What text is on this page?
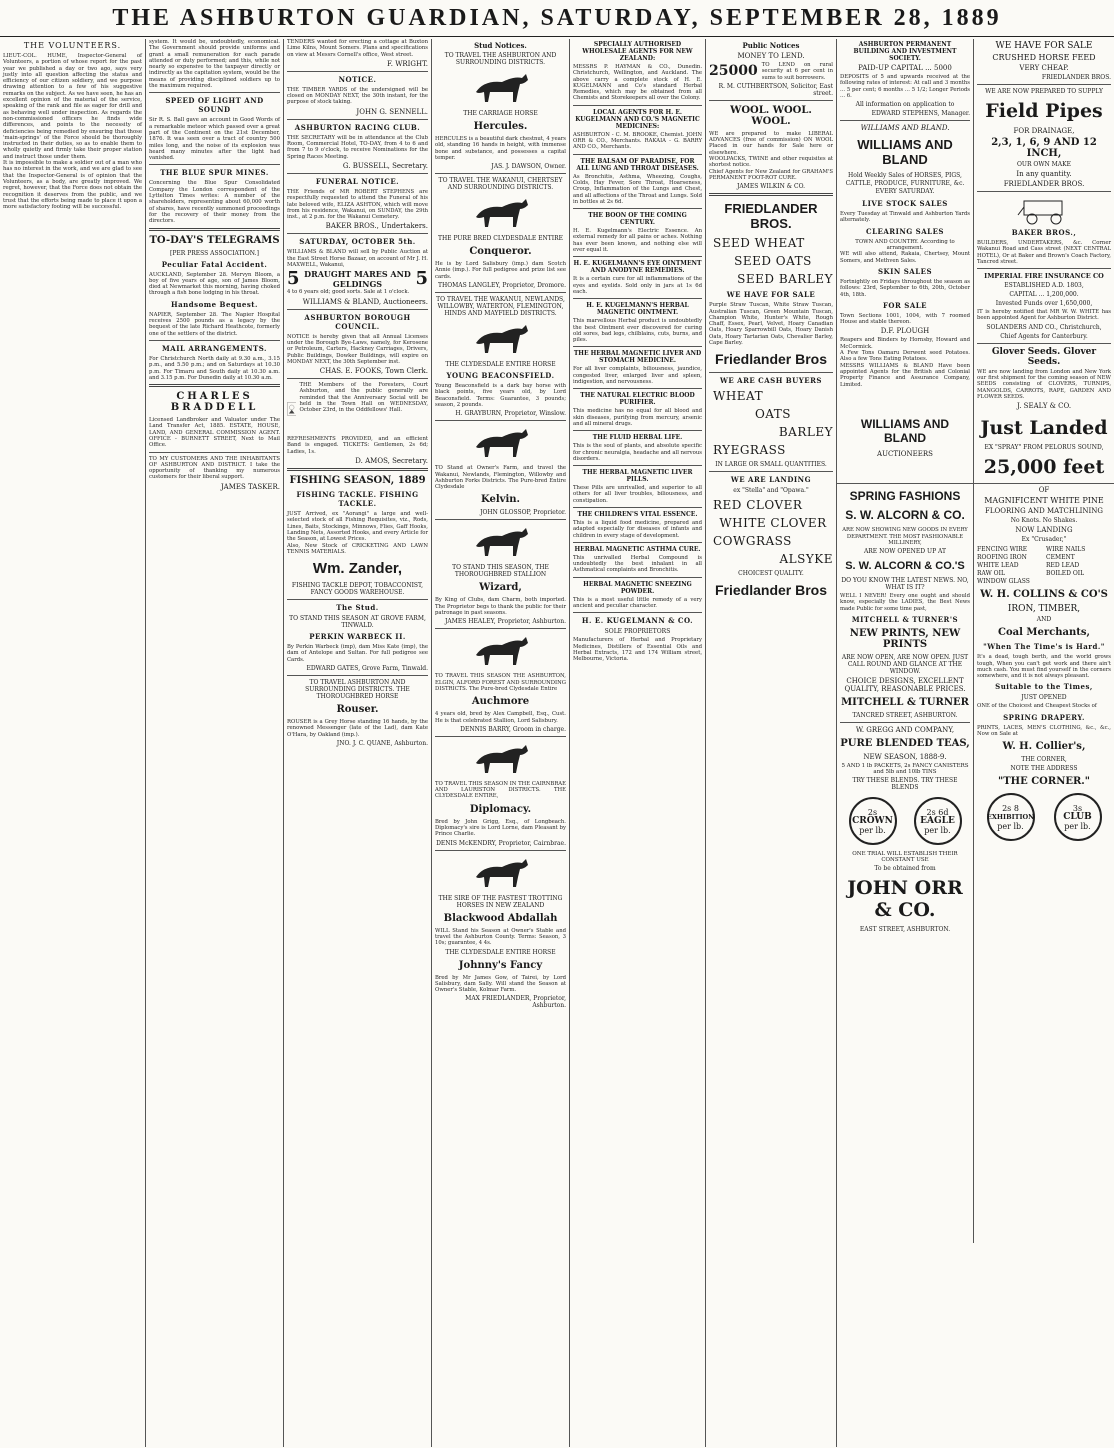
THE ASHBURTON GUARDIAN, SATURDAY, SEPTEMBER 28, 1889
THE VOLUNTEERS.

LIEUT.-COL. HUME, Inspector-General of Volunteers, a portion of whose report for the past year we published a day or two ago, says very justly into all question affecting the status and efficiency of our citizen soldiery, and we purpose drawing attention to a few of his suggestive remarks on the subject. As we have seen, he has an excellent opinion of the material of the service, speaking of the rank and file as eager for drill and as behaving well under inspection. As regards the non-commissioned officers he finds wide differences, and points to the necessity of deficiencies being remedied by ensuring that those 'main-springs' of the Force should be thoroughly instructed in their duties, so as to enable them to wholly quietly and firmly take their proper station and instruct those under them.

It is impossible to make a soldier out of a man who has no interest in the work, and we are glad to see that the Inspector-General is of opinion that the Volunteers, as a body, are greatly improved. We regret, however, that the Force does not obtain the recognition it deserves from the public, and we trust that the efforts being made to place it upon a more satisfactory footing will be successful.

system. It would be, undoubtedly, economical. The Government should provide uniforms and grant a small remuneration for each parade attended or duty performed; and this, while not nearly so expensive to the taxpayer directly or indirectly as the capitation system, would be the means of providing disciplined soldiers up to the maximum required.

SPEED OF LIGHT AND SOUND

Sir R. S. Ball gave an account in Good Words of a remarkable meteor which passed over a great part of the Continent on the 21st December, 1876. It was seen over a tract of country 500 miles long, and the noise of its explosion was heard many minutes after the light had vanished.

THE BLUE SPUR MINES.

Concerning the Blue Spur Consolidated Company the London correspondent of the Lyttelton Times writes: A number of the shareholders, representing about 60,000 worth of shares, have recently summoned proceedings for the recovery of their money from the directors.

TO-DAY'S TELEGRAMS
[PER PRESS ASSOCIATION.]
Peculiar Fatal Accident.

AUCKLAND, September 28. Mervyn Bloom, a boy of five years of age, son of James Bloom, died at Newmarket this morning, having choked through a fish bone lodging in his throat.

Handsome Bequest.

NAPIER, September 28. The Napier Hospital receives 2500 pounds as a legacy by the bequest of the late Richard Heathcote, formerly one of the settlers of the district.

MAIL ARRANGEMENTS.

For Christchurch North daily at 9.30 a.m., 3.15 p.m., and 5.50 p.m.; and on Saturdays at 10.30 p.m. For Timaru and South daily at 10.30 a.m. and 3.15 p.m. For Dunedin daily at 10.30 a.m.

CHARLES BRADDELL

Licensed Landbroker and Valuator under The Land Transfer Act, 1885. ESTATE, HOUSE, LAND, AND GENERAL COMMISSION AGENT. OFFICE - BURNETT STREET, Next to Mail Office.

TO MY CUSTOMERS AND THE INHABITANTS OF ASHBURTON AND DISTRICT. I take the opportunity of thanking my numerous customers for their liberal support.

JAMES TASKER.

TENDERS wanted for erecting a cottage at Buxton Lime Kilns, Mount Somers. Plans and specifications on view at Messrs Cornell's office, West street.

F. WRIGHT.
NOTICE.

THE TIMBER YARDS of the undersigned will be closed on MONDAY NEXT, the 30th instant, for the purpose of stock taking.

JOHN G. SENNELL.
ASHBURTON RACING CLUB.

THE SECRETARY will be in attendance at the Club Room, Commercial Hotel, TO-DAY, from 4 to 6 and from 7 to 9 o'clock, to receive Nominations for the Spring Races Meeting.

G. BUSSELL, Secretary.
FUNERAL NOTICE.

THE Friends of MR ROBERT STEPHENS are respectfully requested to attend the Funeral of his late beloved wife, ELIZA ASHTON, which will move from his residence, Wakanui, on SUNDAY, the 29th inst., at 2 p.m. for the Wakanui Cemetery.

BAKER BROS., Undertakers.
SATURDAY, OCTOBER 5th.

WILLIAMS & BLAND will sell by Public Auction at the East Street Horse Bazaar, on account of Mr J. H. MAXWELL, Wakanui,

5 DRAUGHT MARES AND GELDINGS	5

4 to 6 years old; good sorts. Sale at 1 o'clock.

WILLIAMS & BLAND, Auctioneers.
ASHBURTON BOROUGH COUNCIL.

NOTICE is hereby given that all Annual Licenses under the Borough Bye-Laws, namely, for Kerosene or Petroleum, Carters, Hackney Carriages, Drivers, Public Buildings, Dowker Buildings, will expire on MONDAY NEXT, the 30th September inst.

CHAS. E. FOOKS, Town Clerk.

THE Members of the Foresters, Court Ashburton, and the public generally are reminded that the Anniversary Social will be held in the Town Hall on WEDNESDAY, October 23rd, in the Oddfellows' Hall.

REFRESHMENTS PROVIDED, and an efficient Band is engaged. TICKETS: Gentlemen, 2s 6d; Ladies, 1s.

D. AMOS, Secretary.
FISHING SEASON, 1889
FISHING TACKLE. FISHING TACKLE.

JUST Arrived, ex "Aorangi" a large and well-selected stock of all Fishing Requisites, viz., Rods, Lines, Baits, Stockings, Minnows, Flies, Gaff Hooks, Landing Nets, Assorted Hooks, and every Article for the Season, at Lowest Prices.

Also, New Stock of CRICKETING AND LAWN TENNIS MATERIALS.

Wm. Zander,
FISHING TACKLE DEPOT, TOBACCONIST, FANCY GOODS WAREHOUSE.
The Stud.
TO STAND THIS SEASON AT GROVE FARM, TINWALD.
PERKIN WARBECK II.

By Perkin Warbeck (imp), dam Miss Kate (imp), the dam of Antelope and Sultan. For full pedigree see Cards.

EDWARD GATES, Grove Farm, Tinwald.
TO TRAVEL ASHBURTON AND SURROUNDING DISTRICTS. THE THOROUGHBRED HORSE
Rouser.

ROUSER is a Grey Horse standing 16 hands, by the renowned Messenger (late of the Lad), dam Kate O'Hara, by Oakland (imp.).

JNO. J. C. QUANE, Ashburton.
Stud Notices.
TO TRAVEL THE ASHBURTON AND SURROUNDING DISTRICTS.
THE CARRIAGE HORSE
Hercules.

HERCULES is a beautiful dark chestnut, 4 years old, standing 16 hands in height, with immense bone and substance, and possesses a capital temper.

JAS. J. DAWSON, Owner.
TO TRAVEL THE WAKANUI, CHERTSEY AND SURROUNDING DISTRICTS.
THE PURE BRED CLYDESDALE ENTIRE
Conqueror.

He is by Lord Salisbury (imp.) dam Scotch Annie (imp.). For full pedigree and prize list see cards.

THOMAS LANGLEY, Proprietor, Dromore.
TO TRAVEL THE WAKANUI, NEWLANDS, WILLOWBY, WATERTON, FLEMINGTON, HINDS AND MAYFIELD DISTRICTS.
THE CLYDESDALE ENTIRE HORSE
YOUNG BEACONSFIELD.

Young Beaconsfield is a dark bay horse with black points, five years old, by Lord Beaconsfield. Terms: Guarantee, 3 pounds; season, 2 pounds.

H. GRAYBURN, Proprietor, Winslow.

TO Stand at Owner's Farm, and travel the Wakanui, Newlands, Flemington, Willowby and Ashburton Forks Districts. The Pure-bred Entire Clydesdale

Kelvin.
JOHN GLOSSOP, Proprietor.
TO STAND THIS SEASON, THE THOROUGHBRED STALLION
Wizard,

By King of Clubs, dam Charm, both imported. The Proprietor begs to thank the public for their patronage in past seasons.

JAMES HEALEY, Proprietor, Ashburton.

TO TRAVEL THIS SEASON THE ASHBURTON, ELGIN, ALFORD FOREST AND SURROUNDING DISTRICTS. The Pure-bred Clydesdale Entire

Auchmore

4 years old, bred by Alex Campbell, Esq., Cust. He is that celebrated Stallion, Lord Salisbury.

DENNIS BARRY, Groom in charge.

TO TRAVEL THIS SEASON IN THE CAIRNBRAE AND LAURISTON DISTRICTS. THE CLYDESDALE ENTIRE,

Diplomacy.

Bred by John Grigg, Esq., of Longbeach. Diplomacy's sire is Lord Lorne, dam Pleasant by Prince Charlie.

DENIS McKENDRY, Proprietor, Cairnbrae.
THE SIRE OF THE FASTEST TROTTING HORSES IN NEW ZEALAND
Blackwood Abdallah

WILL Stand his Season at Owner's Stable and travel the Ashburton County. Terms: Season, 3 10s; guarantee, 4 4s.

THE CLYDESDALE ENTIRE HORSE
Johnny's Fancy

Bred by Mr James Gow, of Tairei, by Lord Salisbury, dam Sally. Will stand the Season at Owner's Stable, Kolmar Farm.

MAX FRIEDLANDER, Proprietor, Ashburton.
SPECIALLY AUTHORISED WHOLESALE AGENTS FOR NEW ZEALAND:

MESSRS P. HAYMAN & CO., Dunedin. Christchurch, Wellington, and Auckland. The above carry a complete stock of H. E. KUGELMANN and Co's standard Herbal Remedies, which may be obtained from all Chemists and Storekeepers all over the Colony.

LOCAL AGENTS FOR H. E. KUGELMANN AND CO.'S MAGNETIC MEDICINES:

ASHBURTON - C. M. BROOKE, Chemist. JOHN ORR & CO., Merchants. RAKAIA - G. BARRY AND CO., Merchants.

THE BALSAM OF PARADISE, FOR ALL LUNG AND THROAT DISEASES.

As Bronchitis, Asthma, Wheezing, Coughs, Colds, Hay Fever, Sore Throat, Hoarseness, Croup, Inflammation of the Lungs and Chest, and all affections of the Throat and Lungs. Sold in bottles at 2s 6d.

THE BOON OF THE COMING CENTURY.

H. E. Kugelmann's Electric Essence. An external remedy for all pains or aches. Nothing has ever been known, and nothing else will ever equal it.

H. E. KUGELMANN'S EYE OINTMENT AND ANODYNE REMEDIES.

It is a certain cure for all inflammations of the eyes and eyelids. Sold only in jars at 1s 6d each.

H. E. KUGELMANN'S HERBAL MAGNETIC OINTMENT.

This marvellous Herbal product is undoubtedly the best Ointment ever discovered for curing old sores, bad legs, chilblains, cuts, burns, and piles.

THE HERBAL MAGNETIC LIVER AND STOMACH MEDICINE.

For all liver complaints, biliousness, jaundice, congested liver, enlarged liver and spleen, indigestion, and nervousness.

THE NATURAL ELECTRIC BLOOD PURIFIER.

This medicine has no equal for all blood and skin diseases, purifying from mercury, arsenic and all mineral drugs.

THE FLUID HERBAL LIFE.

This is the soul of plants, and absolute specific for chronic neuralgia, headache and all nervous disorders.

THE HERBAL MAGNETIC LIVER PILLS.

These Pills are unrivalled, and superior to all others for all liver troubles, biliousness, and constipation.

THE CHILDREN'S VITAL ESSENCE.

This is a liquid food medicine, prepared and adapted especially for diseases of infants and children in every stage of development.

HERBAL MAGNETIC ASTHMA CURE.

This unrivalled Herbal Compound is undoubtedly the best inhalant in all Asthmatical complaints and Bronchitis.

HERBAL MAGNETIC SNEEZING POWDER.

This is a most useful little remedy of a very ancient and peculiar character.

H. E. KUGELMANN & CO.
SOLE PROPRIETORS

Manufacturers of Herbal and Proprietary Medicines, Distillers of Essential Oils and Herbal Extracts, 172 and 174 William street, Melbourne, Victoria.

Public Notices
MONEY TO LEND.
25000 TO LEND on rural security at 6 per cent in sums to suit borrowers.

R. M. CUTHBERTSON, Solicitor, East street.
WOOL. WOOL. WOOL.

WE are prepared to make LIBERAL ADVANCES (free of commission) ON WOOL Placed in our hands for Sale here or elsewhere.

WOOLPACKS, TWINE and other requisites at shortest notice.

Chief Agents for New Zealand for GRAHAM'S PERMANENT FOOT-ROT CURE.

JAMES WILKIN & CO.
FRIEDLANDER BROS.
SEED WHEAT
SEED OATS
SEED BARLEY
WE HAVE FOR SALE

Purple Straw Tuscan, White Straw Tuscan, Australian Tuscan, Green Mountain Tuscan, Champion White, Hunter's White, Rough Chaff, Essex, Pearl, Velvet, Hoary Canadian Oats, Hoary Sparrowbill Oats, Hoary Danish Oats, Hoary Tartarian Oats, Chevalier Barley, Cape Barley.

Friedlander Bros
WE ARE CASH BUYERS
WHEAT
OATS
BARLEY
RYEGRASS
IN LARGE OR SMALL QUANTITIES.
WE ARE LANDING
ex "Stella" and "Opawa."
RED CLOVER
WHITE CLOVER
COWGRASS
ALSYKE
CHOICEST QUALITY.
Friedlander Bros
ASHBURTON PERMANENT BUILDING AND INVESTMENT SOCIETY.
PAID-UP CAPITAL ... 5000

DEPOSITS of 5 and upwards received at the following rates of interest: At call and 3 months ... 5 per cent; 6 months ... 5 1/2; Longer Periods ... 6.

All information on application to
EDWARD STEPHENS, Manager.
WILLIAMS AND BLAND.
WILLIAMS AND BLAND

Hold Weekly Sales of HORSES, PIGS, CATTLE, PRODUCE, FURNITURE, &c. EVERY SATURDAY.

LIVE STOCK SALES

Every Tuesday at Tinwald and Ashburton Yards alternately.

CLEARING SALES

TOWN AND COUNTRY. According to arrangement.

WE will also attend, Rakaia, Chertsey, Mount Somers, and Methven Sales.

SKIN SALES

Fortnightly on Fridays throughout the season as follows: 23rd, September to 6th, 20th, October 4th, 18th.

FOR SALE

Town Sections 1001, 1004, with 7 roomed House and stable thereon.

D.F. PLOUGH

Reapers and Binders by Hornsby, Howard and McCormick.

A Few Tons Oamaru Derwent seed Potatoes. Also a few Tons Eating Potatoes.

MESSRS WILLIAMS & BLAND Have been appointed Agents for the British and Colonial Property Finance and Assurance Company, Limited.

WE HAVE FOR SALE
CRUSHED HORSE FEED
VERY CHEAP.
FRIEDLANDER BROS.
WE ARE NOW PREPARED TO SUPPLY
Field Pipes
FOR DRAINAGE,
2,3, 1, 6, 9 AND 12 INCH,
OUR OWN MAKE
In any quantity.
FRIEDLANDER BROS.
BAKER BROS.,

BUILDERS, UNDERTAKERS, &c. Corner Wakanui Road and Cass street (NEXT CENTRAL HOTEL), Or at Baker and Brown's Coach Factory, Tancred street.

IMPERIAL FIRE INSURANCE CO
ESTABLISHED A.D. 1803,
CAPITAL ... 1,200,000.
Invested Funds over 1,650,000,

IT is hereby notified that MR W. W. WHITE has been appointed Agent for Ashburton District.

SOLANDERS AND CO., Christchurch,
Chief Agents for Canterbury.
Glover Seeds. Glover Seeds.

WE are now landing from London and New York our first shipment for the coming season of NEW SEEDS consisting of CLOVERS, TURNIPS, MANGOLDS, CARROTS, RAPE, GARDEN AND FLOWER SEEDS.

J. SEALY & CO.
WILLIAMS AND BLAND
AUCTIONEERS
Just Landed
EX "SPRAY" FROM PELORUS SOUND,
25,000 feet
SPRING FASHIONS
S. W. ALCORN & CO.

ARE NOW SHOWING NEW GOODS IN EVERY DEPARTMENT. THE MOST FASHIONABLE MILLINERY,

ARE NOW OPENED UP AT
S. W. ALCORN & CO.'S
DO YOU KNOW THE LATEST NEWS. NO, WHAT IS IT?

WELL I NEVER! Every one ought and should know, especially the LADIES, the Best News made Public for some time past,

MITCHELL & TURNER'S
NEW PRINTS, NEW PRINTS
ARE NOW OPEN, ARE NOW OPEN. JUST CALL ROUND AND GLANCE AT THE WINDOW.
CHOICE DESIGNS, EXCELLENT QUALITY, REASONABLE PRICES.
MITCHELL & TURNER
TANCRED STREET, ASHBURTON.
W. GREGG AND COMPANY,
PURE BLENDED TEAS,
NEW SEASON, 1888-9.
5 AND 1 lb PACKETS, 2s FANCY CANISTERS and 5lb and 10lb TINS
TRY THESE BLENDS. TRY THESE BLENDS
2s
CROWN
per lb.
2s 6d
EAGLE
per lb.
ONE TRIAL WILL ESTABLISH THEIR CONSTANT USE
To be obtained from
JOHN ORR & CO.
EAST STREET, ASHBURTON.
OF
MAGNIFICENT WHITE PINE
FLOORING AND MATCHLINING
No Knots. No Shakes.
NOW LANDING
Ex "Crusader,"
FENCING WIRE	WIRE NAILS
ROOFING IRON	CEMENT
WHITE LEAD	RED LEAD
RAW OIL	BOILED OIL
WINDOW GLASS
W. H. COLLINS & CO'S
IRON, TIMBER,
AND
Coal Merchants,
"When The Time's is Hard."

It's a dead, tough berth, and the world grows tough, When you can't get work and there ain't much cash. You must find yourself in the corners somewhere, and it is not always pleasant.

Suitable to the Times,
JUST OPENED

ONE of the Choicest and Cheapest Stocks of

SPRING DRAPERY.

PRINTS, LACES, MEN'S CLOTHING, &c., &c., Now on Sale at

W. H. Collier's,
THE CORNER,
NOTE THE ADDRESS
"THE CORNER."
2s 8
EXHIBITION
per lb.
3s
CLUB
per lb.
